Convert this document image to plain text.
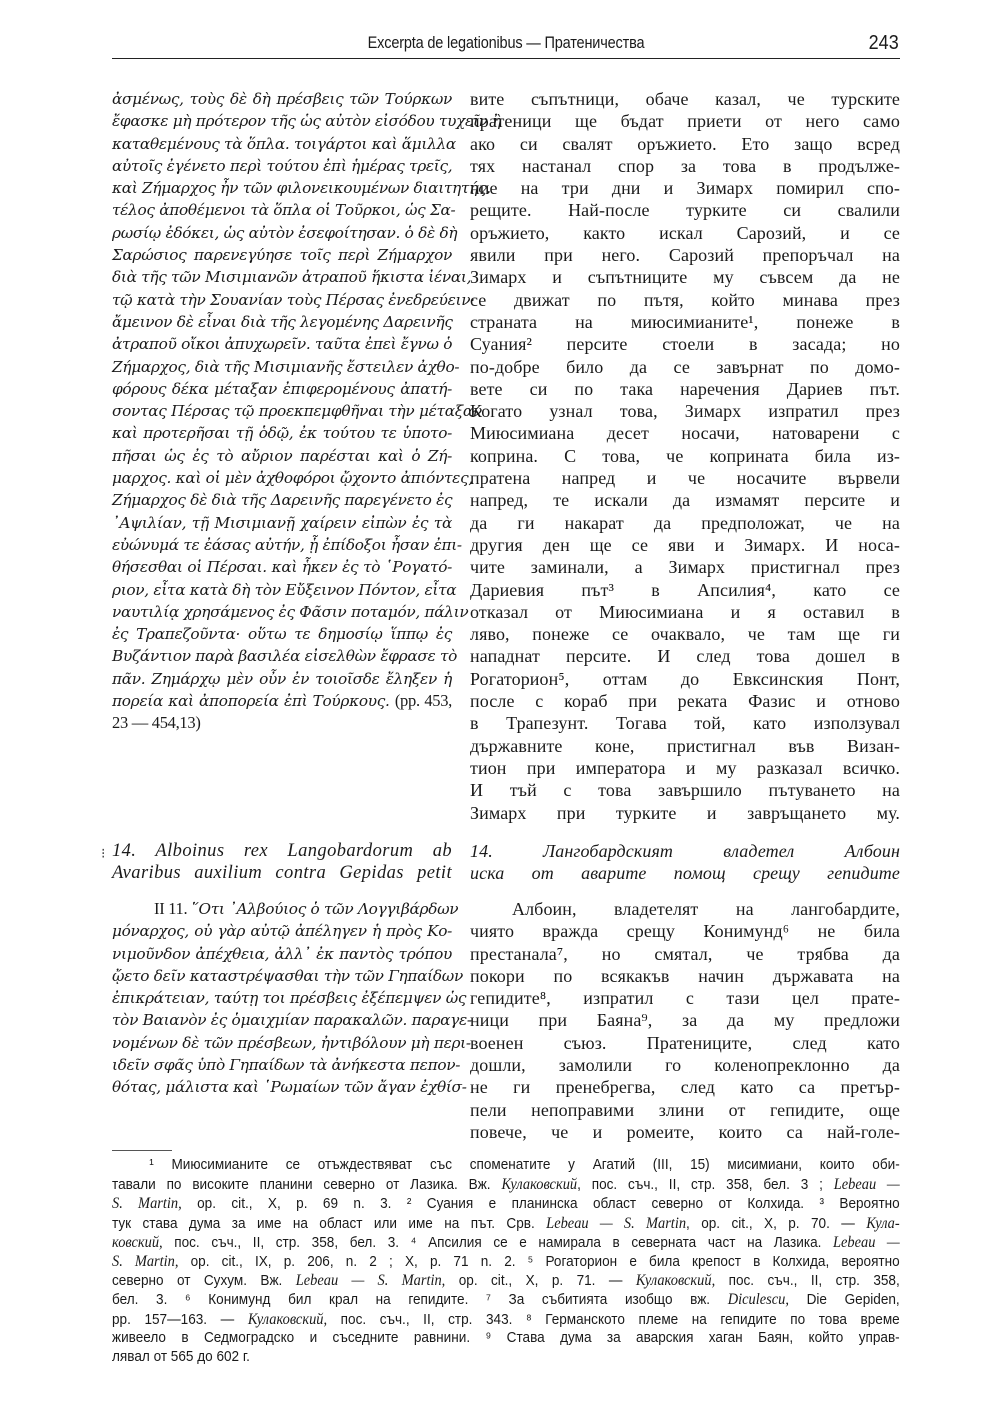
Excerpta de legationibus — Пратеничества	243
ἀσμένως, τοὺς δὲ δὴ πρέσβεις τῶν Τούρκων
ἔφασκε μὴ πρότερον τῆς ὡς αὐτὸν εἰσόδου τυχεῖν ἢ
καταθεμένους τὰ ὅπλα. τοιγάρτοι καὶ ἅμιλλα
αὐτοῖς ἐγένετο περὶ τούτου ἐπὶ ἡμέρας τρεῖς,
καὶ Ζήμαρχος ἦν τῶν φιλονεικουμένων διαιτητής.
τέλος ἀποθέμενοι τὰ ὅπλα οἱ Τοῦρκοι, ὡς Σα-
ρωσίῳ ἐδόκει, ὡς αὐτὸν ἐσεφοίτησαν. ὁ δὲ δὴ
Σαρώσιος παρενεγύησε τοῖς περὶ Ζήμαρχον
διὰ τῆς τῶν Μισιμιανῶν ἀτραποῦ ἥκιστα ἰέναι,
τῷ κατὰ τὴν Σουανίαν τοὺς Πέρσας ἐνεδρεύειν·
ἄμεινον δὲ εἶναι διὰ τῆς λεγομένης Δαρεινῆς
ἀτραποῦ οἴκοι ἀπυχωρεῖν. ταῦτα ἐπεὶ ἔγνω ὁ
Ζήμαρχος, διὰ τῆς Μισιμιανῆς ἔστειλεν ἀχθο-
φόρους δέκα μέταξαν ἐπιφερομένους ἀπατή-
σοντας Πέρσας τῷ προεκπεμφθῆναι τὴν μέταξαν
καὶ προτερῆσαι τῇ ὁδῷ, ἐκ τούτου τε ὑποτο-
πῆσαι ὡς ἐς τὸ αὔριον παρέσται καὶ ὁ Ζή-
μαρχος. καὶ οἱ μὲν ἀχθοφόροι ᾤχοντο ἀπιόντες,
Ζήμαρχος δὲ διὰ τῆς Δαρεινῆς παρεγένετο ἐς
᾿Αψιλίαν, τῇ Μισιμιανῇ χαίρειν εἰπὼν ἐς τὰ
εὐώνυμά τε ἐάσας αὐτήν, ᾗ ἐπίδοξοι ἦσαν ἐπι-
θήσεσθαι οἱ Πέρσαι. καὶ ἧκεν ἐς τὸ ῾Ρογατό-
ριον, εἶτα κατὰ δὴ τὸν Εὔξεινον Πόντον, εἶτα
ναυτιλίᾳ χρησάμενος ἐς Φᾶσιν ποταμόν, πάλιν
ἐς Τραπεζοῦντα· οὕτω τε δημοσίῳ ἵππῳ ἐς
Βυζάντιον παρὰ βασιλέα εἰσελθὼν ἔφρασε τὸ
πᾶν. Ζημάρχῳ μὲν οὖν ἐν τοιοῖσδε ἔληξεν ἡ
πορεία καὶ ἀποπορεία ἐπὶ Τούρκους. (pp. 453,
23 — 454,13)
вите съпътници, обаче казал, че турските
пратеници ще бъдат приети от него само
ако си свалят оръжието. Ето защо всред
тях настанал спор за това в продълже-
ние на три дни и Зимарх помирил спо-
рещите. Най-после турките си свалили
оръжието, както искал Сарозий, и се
явили при него. Сарозий препоръчал на
Зимарх и съпътниците му съвсем да не
се движат по пътя, който минава през
страната на миюсимианите¹, понеже в
Суания² персите стоели в засада; но
по-добре било да се завърнат по домо-
вете си по така наречения Дариев път.
Когато узнал това, Зимарх изпратил през
Миюсимиана десет носачи, натоварени с
коприна. С това, че коприната била из-
пратена напред и че носачите вървели
напред, те искали да измамят персите и
да ги накарат да предположат, че на
другия ден ще се яви и Зимарх. И носа-
чите заминали, а Зимарх пристигнал през
Дариевия път³ в Апсилия⁴, като се
отказал от Миюсимиана и я оставил в
ляво, понеже се очаквало, че там ще ги
нападнат персите. И след това дошел в
Рогаторион⁵, оттам до Евксинския Понт,
после с кораб при реката Фазис и отново
в Трапезунт. Тогава той, като използувал
държавните коне, пристигнал във Визан-
тион при императора и му разказал всичко.
И тъй с това завършило пътуването на
Зимарх при турките и завръщането му.
⁝ 14. Alboinus rex Langobardorum ab
Avaribus auxilium contra Gepidas petit
14. Лангобардският владетел Албоин
иска от аварите помощ срещу гепидите
II 11. ῞Οτι ᾿Αλβούιος ὁ τῶν Λογγιβάρδων
μόναρχος, οὐ γὰρ αὐτῷ ἀπέληγεν ἡ πρὸς Κο-
νιμοῦνδον ἀπέχθεια, ἀλλ᾿ ἐκ παντὸς τρόπου
ᾤετο δεῖν καταστρέψασθαι τὴν τῶν Γηπαίδων
ἐπικράτειαν, ταύτῃ τοι πρέσβεις ἐξέπεμψεν ὡς
τὸν Βαιανὸν ἐς ὁμαιχμίαν παρακαλῶν. παραγε-
νομένων δὲ τῶν πρέσβεων, ἠντιβόλουν μὴ περι-
ιδεῖν σφᾶς ὑπὸ Γηπαίδων τὰ ἀνήκεστα πεπον-
θότας, μάλιστα καὶ ῾Ρωμαίων τῶν ἄγαν ἐχθίσ-
Албоин, владетелят на лангобардите,
чиято вражда срещу Конимунд⁶ не била
престанала⁷, но смятал, че трябва да
покори по всякакъв начин държавата на
гепидите⁸, изпратил с тази цел прате-
ници при Баяна⁹, за да му предложи
военен съюз. Пратениците, след като
дошли, замолили го коленопреклонно да
не ги пренебрегва, след като са претър-
пели непоправими злини от гепидите, още
повече, че и ромеите, които са най-голе-
¹ Миюсимианите се отъждествяват със споменатите у Агатий (III, 15) мисимиани, които оби-
тавали по високите планини северно от Лазика. Вж. Кулаковский, пос. съч., II, стр. 358, бел. 3 ; Lebeau —
S. Martin, op. cit., X, p. 69 n. 3. ² Суания е планинска област северно от Колхида. ³ Вероятно
тук става дума за име на област или име на път. Срв. Lebeau — S. Martin, op. cit., X, p. 70. — Кула-
ковский, пос. съч., II, стр. 358, бел. 3. ⁴ Апсилия се е намирала в северната част на Лазика. Lebeau —
S. Martin, op. cit., IX, p. 206, n. 2 ; X, p. 71 n. 2. ⁵ Рогаторион е била крепост в Колхида, вероятно
северно от Сухум. Вж. Lebeau — S. Martin, op. cit., X, p. 71. — Кулаковский, пос. съч., II, стр. 358,
бел. 3. ⁶ Конимунд бил крал на гепидите. ⁷ За събитията изобщо вж. Diculescu, Die Gepiden,
pp. 157—163. — Кулаковский, пос. съч., II, стр. 343. ⁸ Германското племе на гепидите по това време
живеело в Седмоградско и съседните равнини. ⁹ Става дума за аварския хаган Баян, който управ-
лявал от 565 до 602 г.
